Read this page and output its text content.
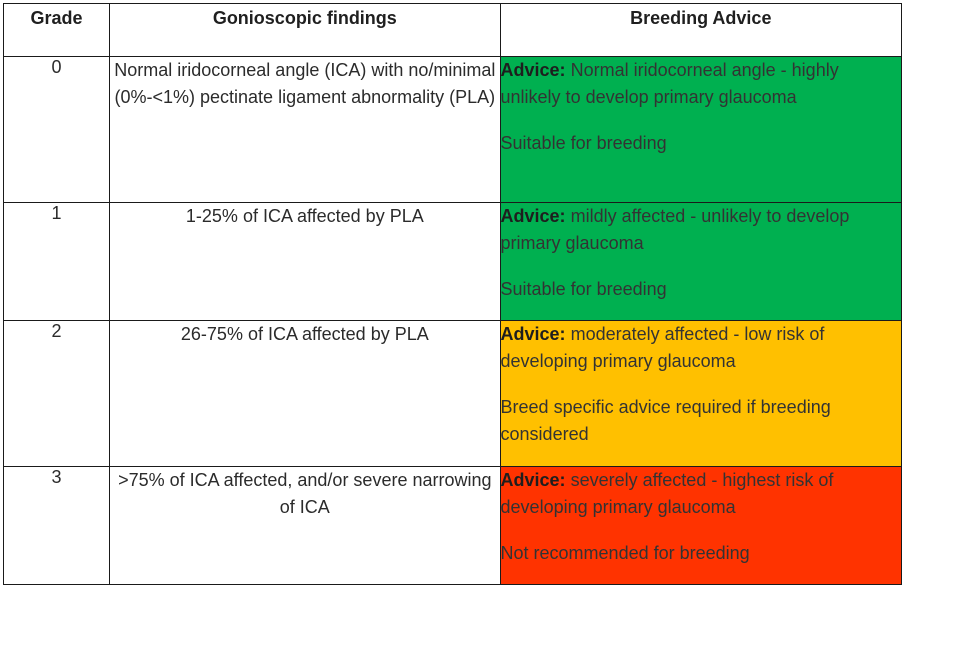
Grade	Gonioscopic findings	Breeding Advice
0	Normal iridocorneal angle (ICA) with no/minimal (0%-<1%) pectinate ligament abnormality (PLA)	Advice: Normal iridocorneal angle - highly unlikely to develop primary glaucoma

Suitable for breeding

1	1-25% of ICA affected by PLA	Advice: mildly affected - unlikely to develop primary glaucoma

Suitable for breeding

2	26-75% of ICA affected by PLA	Advice: moderately affected - low risk of developing primary glaucoma

Breed specific advice required if breeding considered

3	>75% of ICA affected, and/or severe narrowing of ICA	Advice: severely affected - highest risk of developing primary glaucoma

Not recommended for breeding
